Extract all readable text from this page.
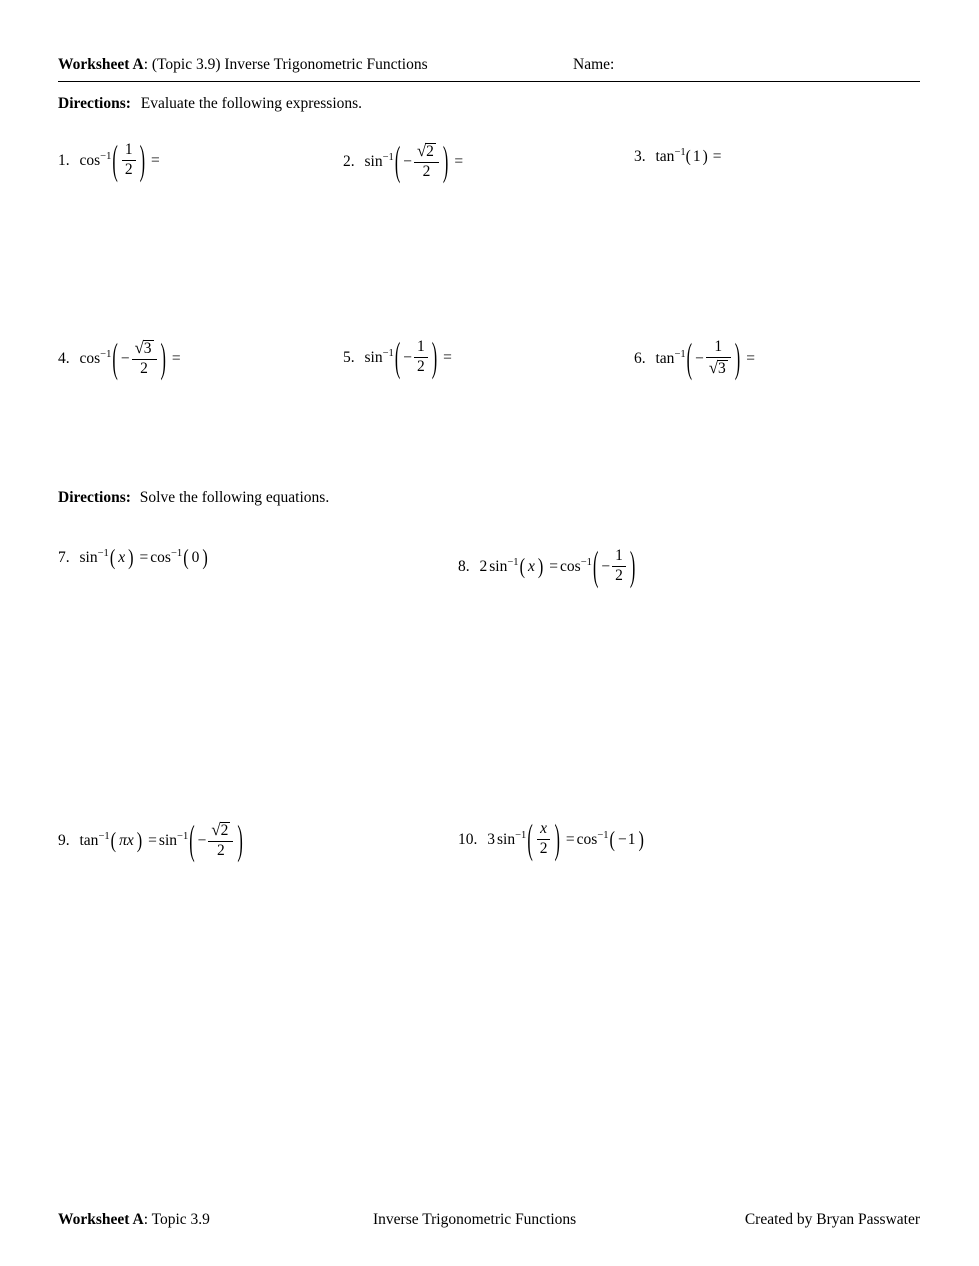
Worksheet A : (Topic 3.9) Inverse Trigonometric Functions	Name:
Directions: Evaluate the following expressions.
1. $\cos^{-1}$ ( $\frac{1}{2}$ ) =	2. $\sin^{-1}$ ( − $\frac{√2}{2}$ ) =	3. $\tan^{-1}$ ( 1 ) =
4. $\cos^{-1}$ ( − $\frac{√3}{2}$ ) =	5. $\sin^{-1}$ ( − $\frac{1}{2}$ ) =	6. $\tan^{-1}$ ( − $\frac{1}{√3}$ ) =
Directions: Solve the following equations.
7. $\sin^{-1}$ ( x ) = $\cos^{-1}$ ( 0 )	8. 2 $\sin^{-1}$ ( x ) = $\cos^{-1}$ ( − $\frac{1}{2}$ )
9. $\tan^{-1}$ ( πx ) = $\sin^{-1}$ ( − $\frac{√2}{2}$ )	10. 3 $\sin^{-1}$ ( $\frac{x}{2}$ ) = $\cos^{-1}$ ( −1 )
Worksheet A: Topic 3.9	Inverse Trigonometric Functions	Created by Bryan Passwater
